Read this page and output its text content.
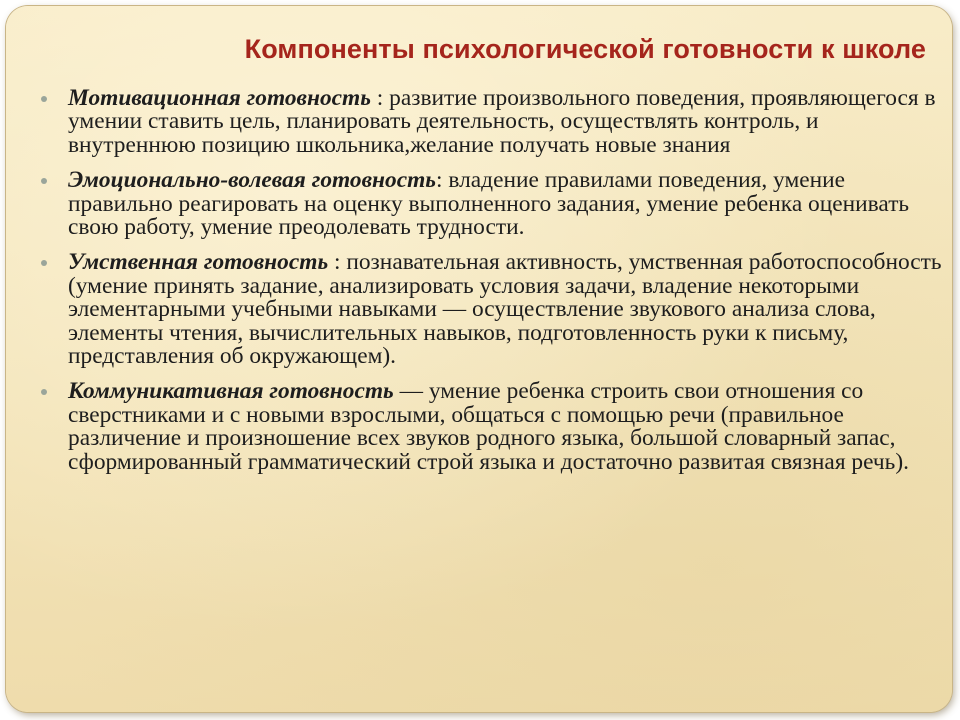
Компоненты психологической готовности к школе
Мотивационная готовность : развитие произвольного поведения, проявляющегося в умении ставить цель, планировать деятельность, осуществлять контроль, и внутреннюю позицию школьника,желание получать новые знания
Эмоционально-волевая готовность: владение правилами поведения, умение правильно реагировать на оценку выполненного задания, умение ребенка оценивать свою работу, умение преодолевать трудности.
Умственная готовность : познавательная активность, умственная работоспособность (умение принять задание, анализировать условия задачи, владение некоторыми элементарными учебными навыками — осуществление звукового анализа слова, элементы чтения, вычислительных навыков, подготовленность руки к письму, представления об окружающем).
Коммуникативная готовность — умение ребенка строить свои отношения со сверстниками и с новыми взрослыми, общаться с помощью речи (правильное различение и произношение всех звуков родного языка, большой словарный запас, сформированный грамматический строй языка и достаточно развитая связная речь).
